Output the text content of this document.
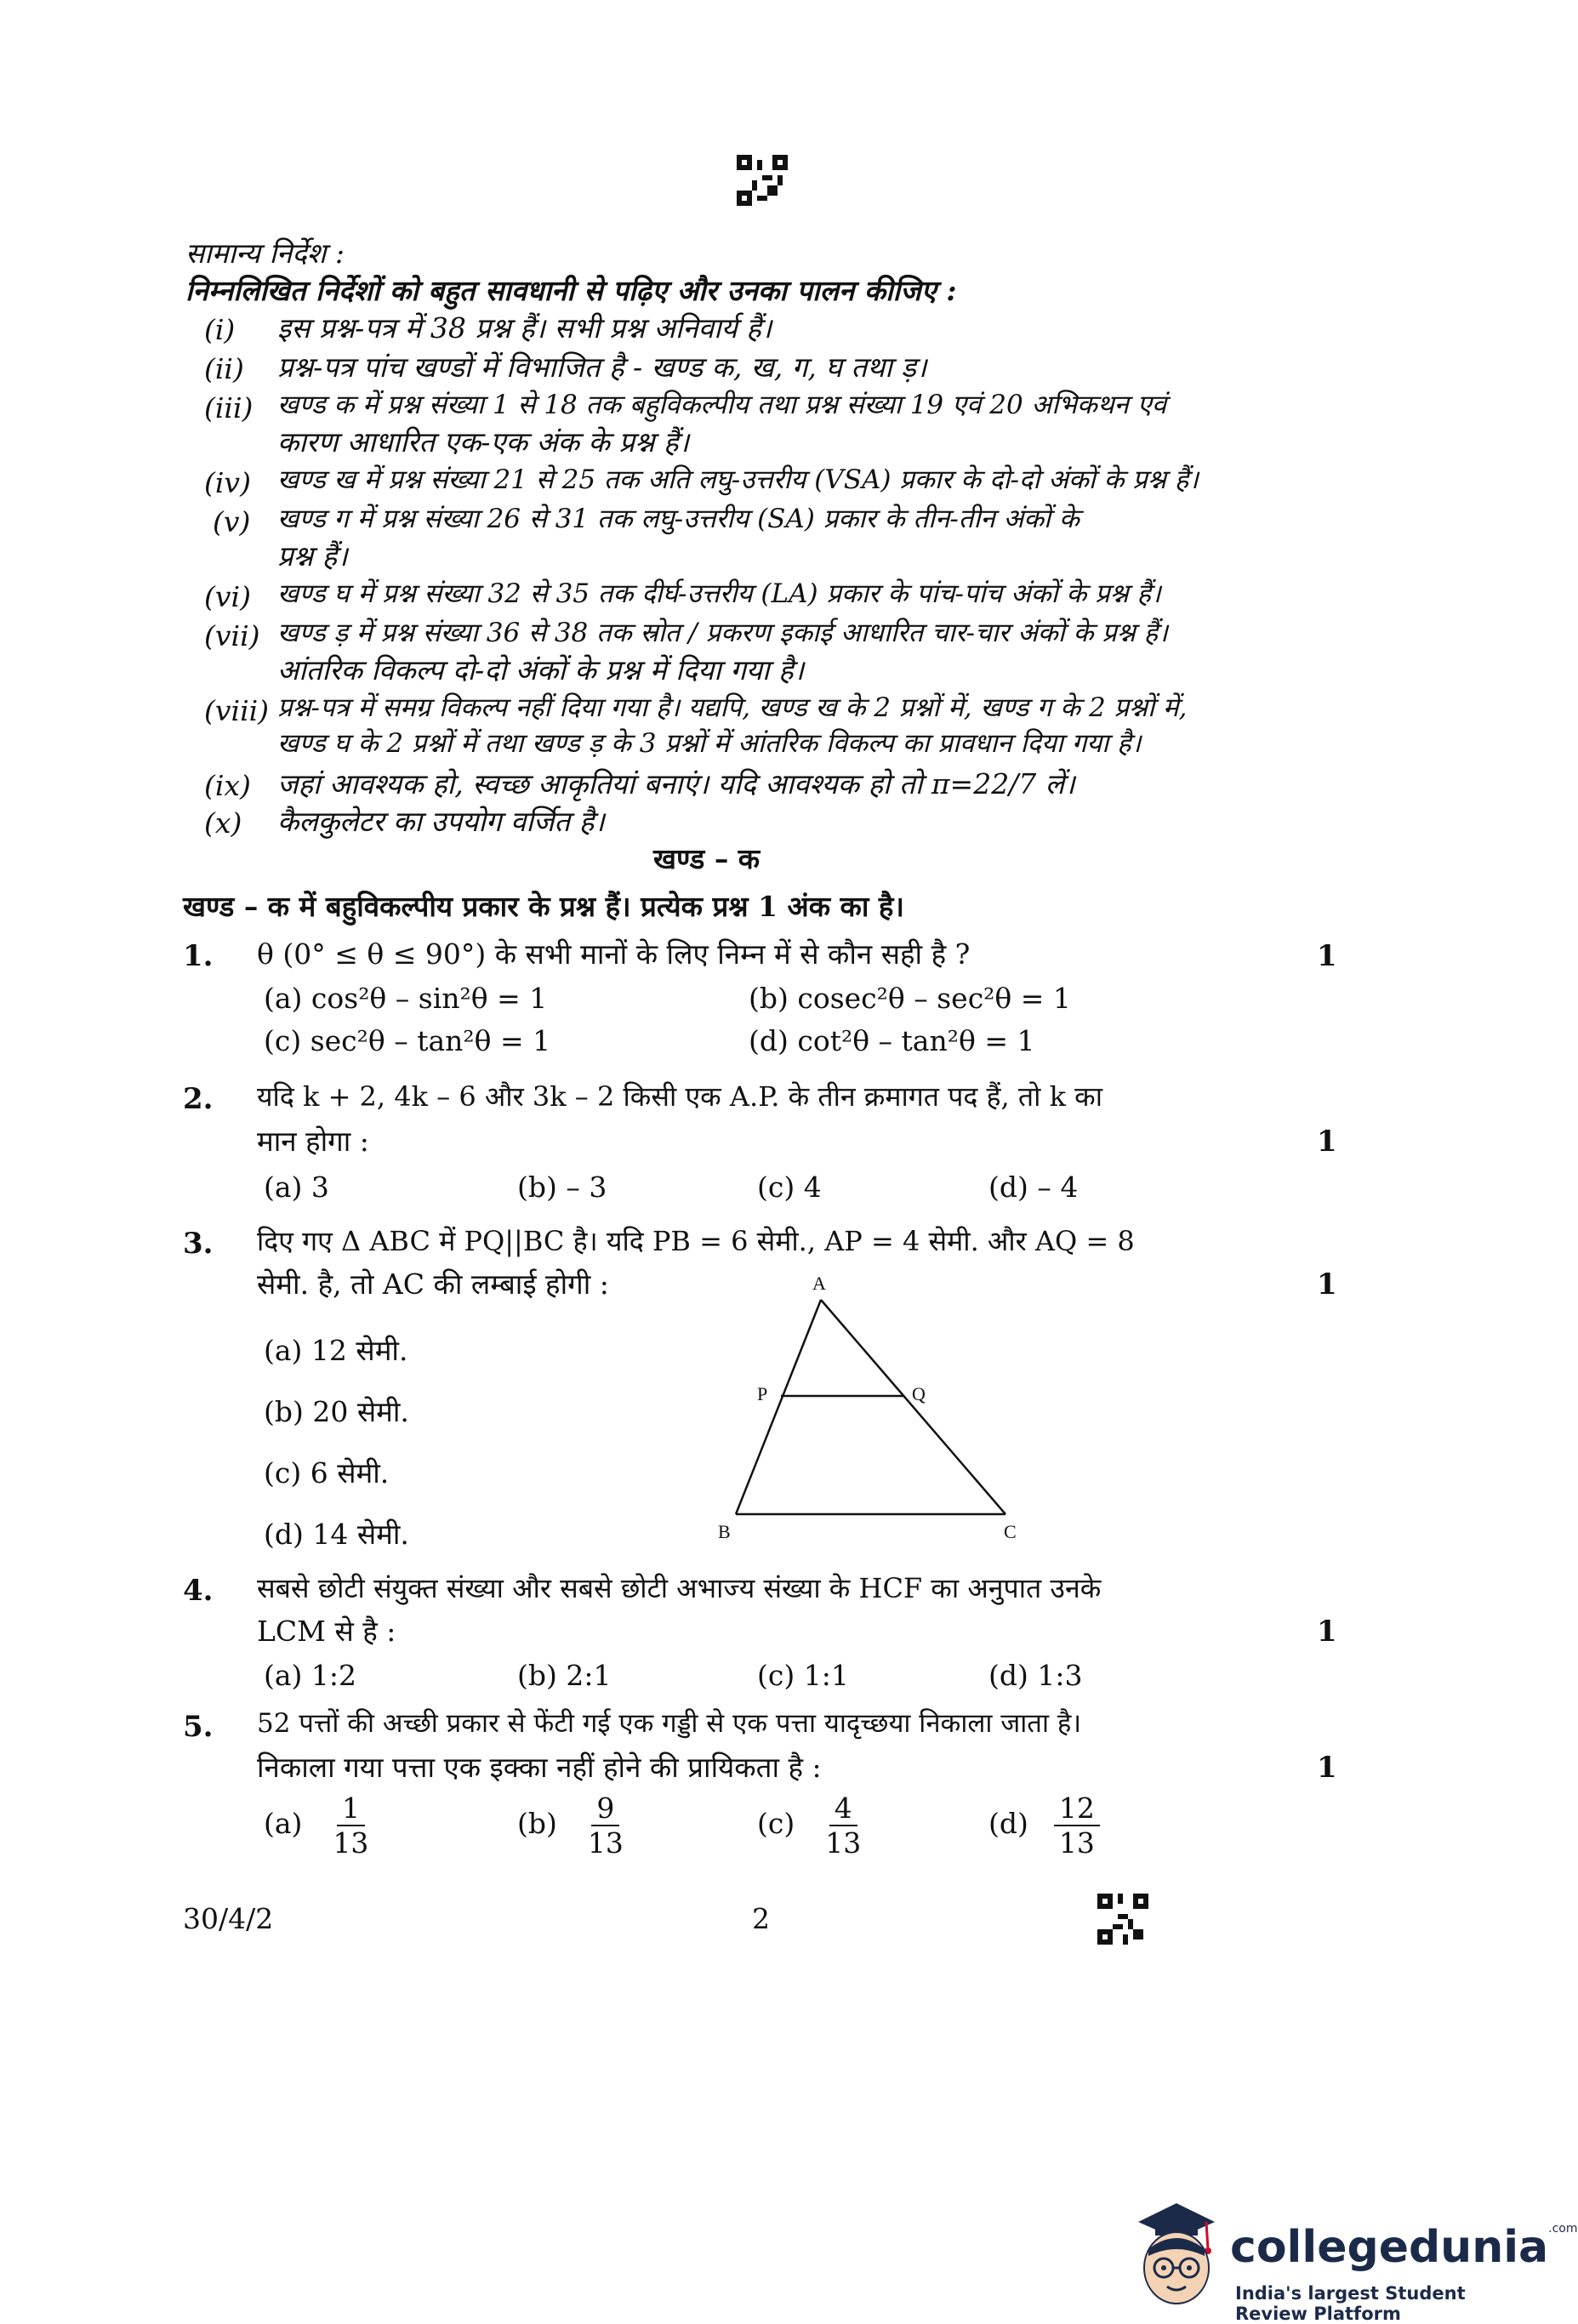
सामान्य निर्देश :
निम्नलिखित निर्देशों को बहुत सावधानी से पढ़िए और उनका पालन कीजिए :
(i) इस प्रश्न-पत्र में 38 प्रश्न हैं। सभी प्रश्न अनिवार्य हैं।
(ii) प्रश्न-पत्र पांच खण्डों में विभाजित है - खण्ड क, ख, ग, घ तथा ड़।
(iii) खण्ड क में प्रश्न संख्या 1 से 18 तक बहुविकल्पीय तथा प्रश्न संख्या 19 एवं 20 अभिकथन एवं
कारण आधारित एक-एक अंक के प्रश्न हैं।
(iv) खण्ड ख में प्रश्न संख्या 21 से 25 तक अति लघु-उत्तरीय (VSA) प्रकार के दो-दो अंकों के प्रश्न हैं।
(v) खण्ड ग में प्रश्न संख्या 26 से 31 तक लघु-उत्तरीय (SA) प्रकार के तीन-तीन अंकों के
प्रश्न हैं।
(vi) खण्ड घ में प्रश्न संख्या 32 से 35 तक दीर्घ-उत्तरीय (LA) प्रकार के पांच-पांच अंकों के प्रश्न हैं।
(vii) खण्ड ड़ में प्रश्न संख्या 36 से 38 तक स्रोत / प्रकरण इकाई आधारित चार-चार अंकों के प्रश्न हैं।
आंतरिक विकल्प दो-दो अंकों के प्रश्न में दिया गया है।
(viii) प्रश्न-पत्र में समग्र विकल्प नहीं दिया गया है। यद्यपि, खण्ड ख के 2 प्रश्नों में, खण्ड ग के 2 प्रश्नों में,
खण्ड घ के 2 प्रश्नों में तथा खण्ड ड़ के 3 प्रश्नों में आंतरिक विकल्प का प्रावधान दिया गया है।
(ix) जहां आवश्यक हो, स्वच्छ आकृतियां बनाएं। यदि आवश्यक हो तो π=22/7 लें।
(x) कैलकुलेटर का उपयोग वर्जित है।
खण्ड – क
खण्ड – क में बहुविकल्पीय प्रकार के प्रश्न हैं। प्रत्येक प्रश्न 1 अंक का है।
1. θ (0° ≤ θ ≤ 90°) के सभी मानों के लिए निम्न में से कौन सही है ?	1
(a) cos²θ – sin²θ = 1	(b) cosec²θ – sec²θ = 1
(c) sec²θ – tan²θ = 1	(d) cot²θ – tan²θ = 1
2. यदि k + 2, 4k – 6 और 3k – 2 किसी एक A.P. के तीन क्रमागत पद हैं, तो k का
मान होगा :	1
(a) 3	(b) – 3	(c) 4	(d) – 4
3. दिए गए Δ ABC में PQ||BC है। यदि PB = 6 सेमी., AP = 4 सेमी. और AQ = 8
सेमी. है, तो AC की लम्बाई होगी :	1
(a) 12 सेमी.
(b) 20 सेमी.
(c) 6 सेमी.
(d) 14 सेमी.
A
P	Q
B	C
4. सबसे छोटी संयुक्त संख्या और सबसे छोटी अभाज्य संख्या के HCF का अनुपात उनके
LCM से है :	1
(a) 1:2	(b) 2:1	(c) 1:1	(d) 1:3
5. 52 पत्तों की अच्छी प्रकार से फेंटी गई एक गड्डी से एक पत्ता यादृच्छया निकाला जाता है।
निकाला गया पत्ता एक इक्का नहीं होने की प्रायिकता है :	1
$(a) \frac{1}{13}$	$(b) \frac{9}{13}$	$(c) \frac{4}{13}$	$(d) \frac{12}{13}$
30/4/2	2
collegedunia$^{.com}$
India's largest Student Review Platform
